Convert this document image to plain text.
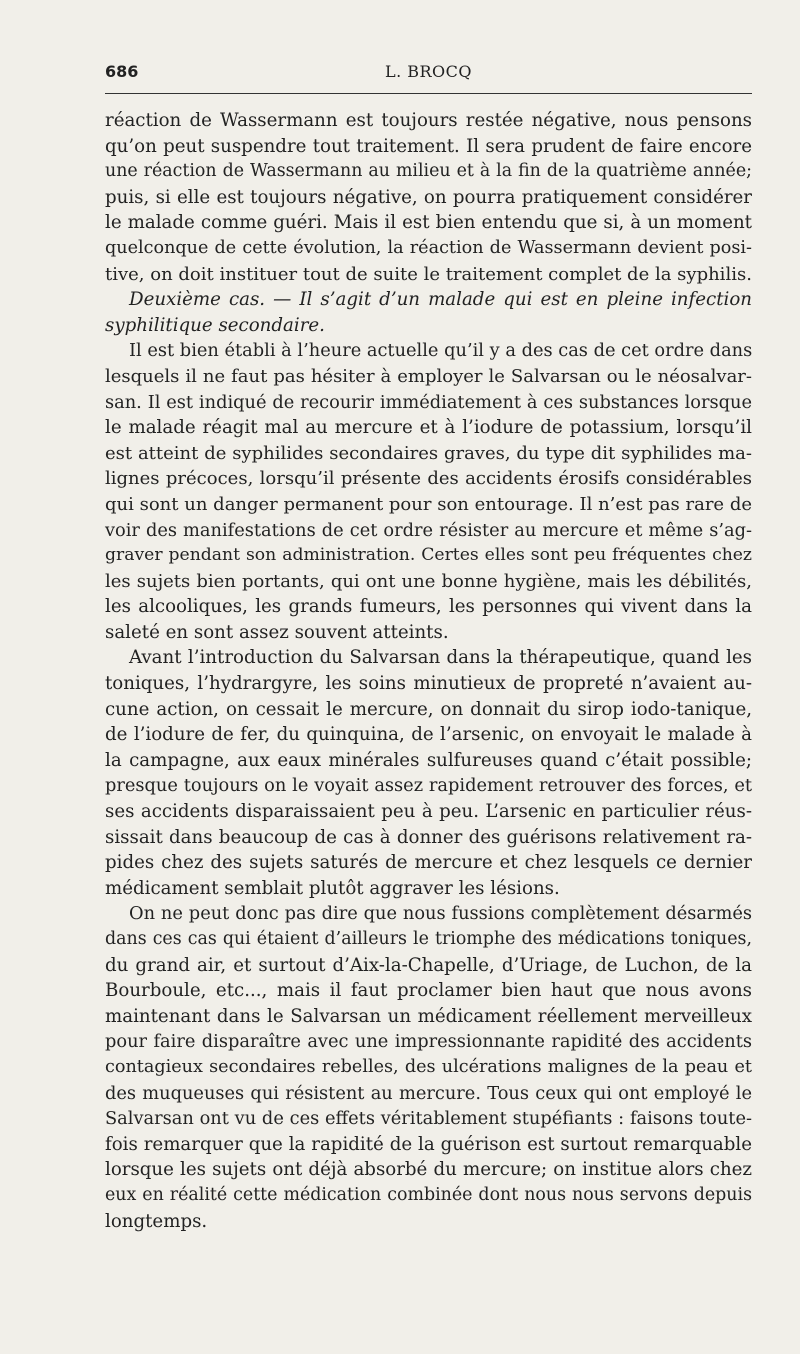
686	L. BROCQ
réaction de Wassermann est toujours restée négative, nous pensons
qu’on peut suspendre tout traitement. Il sera prudent de faire encore
une réaction de Wassermann au milieu et à la fin de la quatrième année;
puis, si elle est toujours négative, on pourra pratiquement considérer
le malade comme guéri. Mais il est bien entendu que si, à un moment
quelconque de cette évolution, la réaction de Wassermann devient posi-
tive, on doit instituer tout de suite le traitement complet de la syphilis.
Deuxième cas. — Il s’agit d’un malade qui est en pleine infection
syphilitique secondaire.
Il est bien établi à l’heure actuelle qu’il y a des cas de cet ordre dans
lesquels il ne faut pas hésiter à employer le Salvarsan ou le néosalvar-
san. Il est indiqué de recourir immédiatement à ces substances lorsque
le malade réagit mal au mercure et à l’iodure de potassium, lorsqu’il
est atteint de syphilides secondaires graves, du type dit syphilides ma-
lignes précoces, lorsqu’il présente des accidents érosifs considérables
qui sont un danger permanent pour son entourage. Il n’est pas rare de
voir des manifestations de cet ordre résister au mercure et même s’ag-
graver pendant son administration. Certes elles sont peu fréquentes chez
les sujets bien portants, qui ont une bonne hygiène, mais les débilités,
les alcooliques, les grands fumeurs, les personnes qui vivent dans la
saleté en sont assez souvent atteints.
Avant l’introduction du Salvarsan dans la thérapeutique, quand les
toniques, l’hydrargyre, les soins minutieux de propreté n’avaient au-
cune action, on cessait le mercure, on donnait du sirop iodo-tanique,
de l’iodure de fer, du quinquina, de l’arsenic, on envoyait le malade à
la campagne, aux eaux minérales sulfureuses quand c’était possible;
presque toujours on le voyait assez rapidement retrouver des forces, et
ses accidents disparaissaient peu à peu. L’arsenic en particulier réus-
sissait dans beaucoup de cas à donner des guérisons relativement ra-
pides chez des sujets saturés de mercure et chez lesquels ce dernier
médicament semblait plutôt aggraver les lésions.
On ne peut donc pas dire que nous fussions complètement désarmés
dans ces cas qui étaient d’ailleurs le triomphe des médications toniques,
du grand air, et surtout d’Aix-la-Chapelle, d’Uriage, de Luchon, de la
Bourboule, etc..., mais il faut proclamer bien haut que nous avons
maintenant dans le Salvarsan un médicament réellement merveilleux
pour faire disparaître avec une impressionnante rapidité des accidents
contagieux secondaires rebelles, des ulcérations malignes de la peau et
des muqueuses qui résistent au mercure. Tous ceux qui ont employé le
Salvarsan ont vu de ces effets véritablement stupéfiants : faisons toute-
fois remarquer que la rapidité de la guérison est surtout remarquable
lorsque les sujets ont déjà absorbé du mercure; on institue alors chez
eux en réalité cette médication combinée dont nous nous servons depuis
longtemps.
